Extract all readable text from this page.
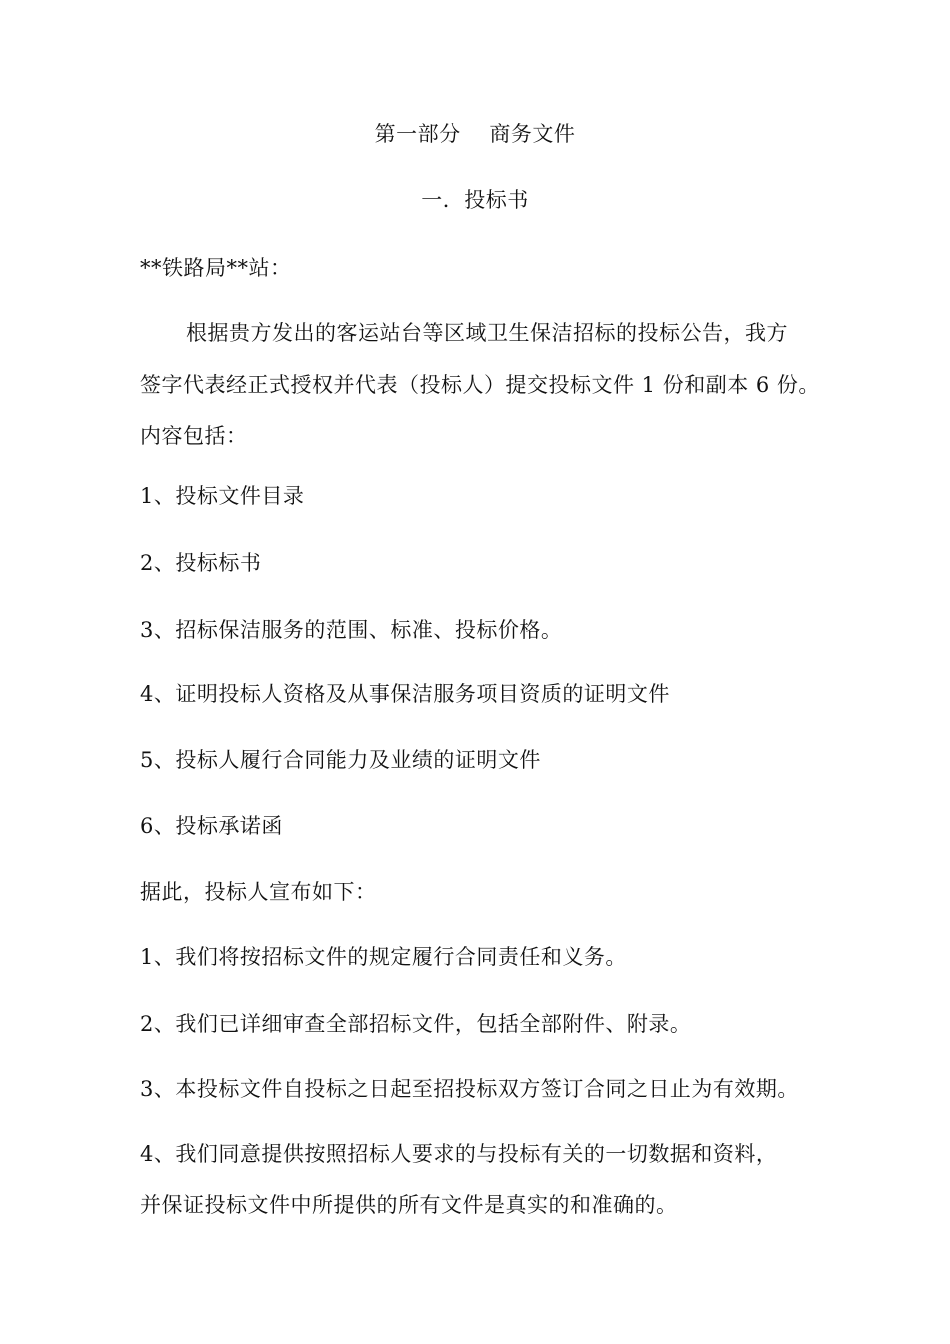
第一部分　 商务文件
一．投标书
**铁路局**站：
根据贵方发出的客运站台等区域卫生保洁招标的投标公告，我方
签字代表经正式授权并代表（投标人）提交投标文件 1 份和副本 6 份。
内容包括：
1、投标文件目录
2、投标标书
3、招标保洁服务的范围、标准、投标价格。
4、证明投标人资格及从事保洁服务项目资质的证明文件
5、投标人履行合同能力及业绩的证明文件
6、投标承诺函
据此，投标人宣布如下：
1、我们将按招标文件的规定履行合同责任和义务。
2、我们已详细审查全部招标文件，包括全部附件、附录。
3、本投标文件自投标之日起至招投标双方签订合同之日止为有效期。
4、我们同意提供按照招标人要求的与投标有关的一切数据和资料，
并保证投标文件中所提供的所有文件是真实的和准确的。
